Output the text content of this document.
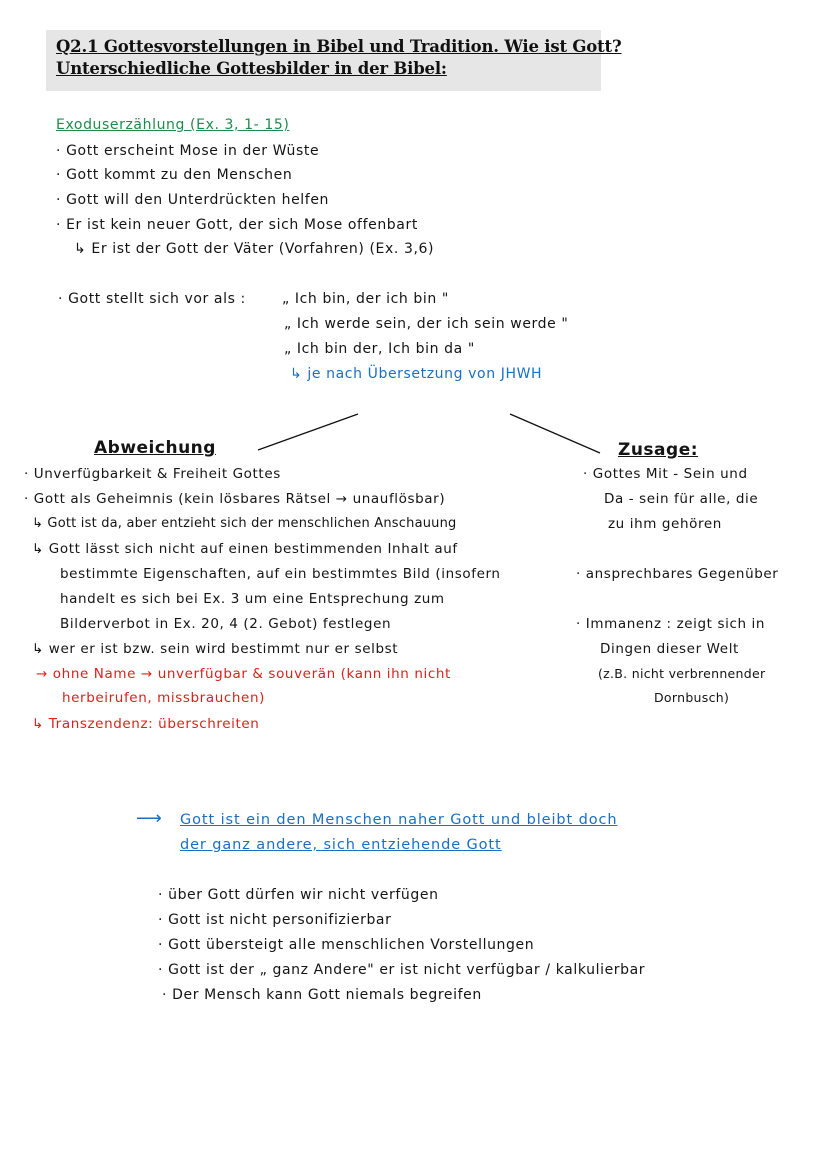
Q2.1 Gottesvorstellungen in Bibel und Tradition. Wie ist Gott?
Unterschiedliche Gottesbilder in der Bibel:
Exoduserzählung (Ex. 3, 1- 15)
· Gott erscheint Mose in der Wüste
· Gott kommt zu den Menschen
· Gott will den Unterdrückten helfen
· Er ist kein neuer Gott, der sich Mose offenbart
↳ Er ist der Gott der Väter (Vorfahren) (Ex. 3,6)
· Gott stellt sich vor als :	„ Ich bin, der ich bin "
„ Ich werde sein, der ich sein werde "
„ Ich bin der, Ich bin da "
↳ je nach Übersetzung von JHWH
Abweichung
· Unverfügbarkeit & Freiheit Gottes
· Gott als Geheimnis (kein lösbares Rätsel → unauflösbar)
↳ Gott ist da, aber entzieht sich der menschlichen Anschauung
↳ Gott lässt sich nicht auf einen bestimmenden Inhalt auf
bestimmte Eigenschaften, auf ein bestimmtes Bild (insofern
handelt es sich bei Ex. 3 um eine Entsprechung zum
Bilderverbot in Ex. 20, 4 (2. Gebot) festlegen
↳ wer er ist bzw. sein wird bestimmt nur er selbst
→ ohne Name → unverfügbar & souverän (kann ihn nicht
herbeirufen, missbrauchen)
↳ Transzendenz: überschreiten
Zusage:
· Gottes Mit - Sein und
Da - sein für alle, die
zu ihm gehören
· ansprechbares Gegenüber
· Immanenz : zeigt sich in
Dingen dieser Welt
(z.B. nicht verbrennender
Dornbusch)
⟶ Gott ist ein den Menschen naher Gott und bleibt doch
der ganz andere, sich entziehende Gott
· über Gott dürfen wir nicht verfügen
· Gott ist nicht personifizierbar
· Gott übersteigt alle menschlichen Vorstellungen
· Gott ist der „ ganz Andere" er ist nicht verfügbar / kalkulierbar
· Der Mensch kann Gott niemals begreifen
